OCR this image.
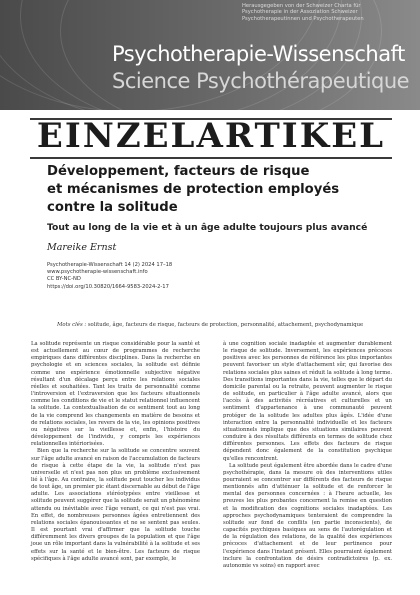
Herausgegeben von der Schweizer Charta für
Psychotherapie in der Assoziation Schweizer
Psychotherapeutinnen und Psychotherapeuten
Psychotherapie-Wissenschaft
Science Psychothérapeutique
EINZELARTIKEL
Développement, facteurs de risque
et mécanismes de protection employés
contre la solitude
Tout au long de la vie et à un âge adulte toujours plus avancé
Mareike Ernst
Psychotherapie-Wissenschaft 14 (2) 2024 17–18
www.psychotherapie-wissenschaft.info
CC BY-NC-ND
https://doi.org/10.30820/1664-9583-2024-2-17
Mots clés : solitude, âge, facteurs de risque, facteurs de protection, personnalité, attachement, psychodynamique

La solitude représente un risque considérable pour la santé et est actuellement au cœur de programmes de recherche empiriques dans différentes disciplines. Dans la recherche en psychologie et en sciences sociales, la solitude est définie comme une expérience émotionnelle subjective négative résultant d'un décalage perçu entre les relations sociales réelles et souhaitées. Tant les traits de personnalité comme l'introversion et l'extraversion que les facteurs situationnels comme les conditions de vie et le statut relationnel influencent la solitude. La contextualisation de ce sentiment tout au long de la vie comprend les changements en matière de besoins et de relations sociales, les revers de la vie, les opinions positives ou négatives sur la vieillesse et, enfin, l'histoire du développement de l'individu, y compris les expériences relationnelles intériorisées.

Bien que la recherche sur la solitude se concentre souvent sur l'âge adulte avancé en raison de l'accumulation de facteurs de risque à cette étape de la vie, la solitude n'est pas universelle et n'est pas non plus un problème exclusivement lié à l'âge. Au contraire, la solitude peut toucher les individus de tout âge, un premier pic étant discernable au début de l'âge adulte. Les associations stéréotypées entre vieillesse et solitude peuvent suggérer que la solitude serait un phénomène attendu ou inévitable avec l'âge venant, ce qui n'est pas vrai. En effet, de nombreuses personnes âgées entretiennent des relations sociales épanouissantes et ne se sentent pas seules. Il est pourtant vrai d'affirmer que la solitude touche différemment les divers groupes de la population et que l'âge joue un rôle important dans la vulnérabilité à la solitude et ses effets sur la santé et le bien-être. Les facteurs de risque spécifiques à l'âge adulte avancé sont, par exemple, le

à une cognition sociale inadaptée et augmenter durablement le risque de solitude. Inversement, les expériences précoces positives avec les personnes de référence les plus importantes peuvent favoriser un style d'attachement sûr, qui favorise des relations sociales plus saines et réduit la solitude à long terme. Des transitions importantes dans la vie, telles que le départ du domicile parental ou la retraite, peuvent augmenter le risque de solitude, en particulier à l'âge adulte avancé, alors que l'accès à des activités récréatives et culturelles et un sentiment d'appartenance à une communauté peuvent protéger de la solitude les adultes plus âgés. L'idée d'une interaction entre la personnalité individuelle et les facteurs situationnels implique que des situations similaires peuvent conduire à des résultats différents en termes de solitude chez différentes personnes. Les effets des facteurs de risque dépendent donc également de la constitution psychique qu'elles rencontrent.

La solitude peut également être abordée dans le cadre d'une psychothérapie, dans la mesure où des interventions utiles pourraient se concentrer sur différents des facteurs de risque mentionnés afin d'atténuer la solitude et de renforcer le mental des personnes concernées : à l'heure actuelle, les preuves les plus probantes concernent la remise en question et la modification des cognitions sociales inadaptées. Les approches psychodynamiques tenteraient de comprendre la solitude sur fond de conflits (en partie inconscients), de capacités psychiques basiques au sens de l'autorégulation et de la régulation des relations, de la qualité des expériences précoces d'attachement et de leur pertinence pour l'expérience dans l'instant présent. Elles pourraient également inclure la confrontation de désirs contradictoires (p. ex. autonomie vs soins) en rapport avec
